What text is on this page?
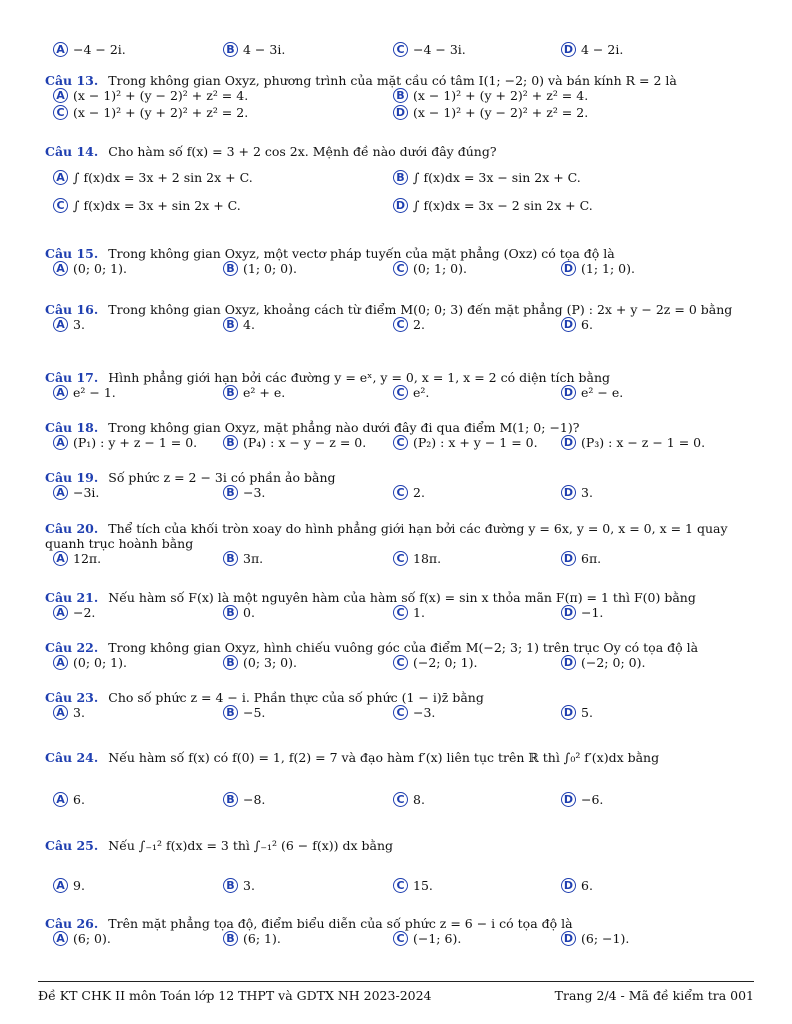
A −4 − 2i.	B 4 − 3i.	C −4 − 3i.	D 4 − 2i.
Câu 13. Trong không gian Oxyz, phương trình của mặt cầu có tâm I(1; −2; 0) và bán kính R = 2 là
A (x − 1)² + (y − 2)² + z² = 4.	B (x − 1)² + (y + 2)² + z² = 4.
C (x − 1)² + (y + 2)² + z² = 2.	D (x − 1)² + (y − 2)² + z² = 2.
Câu 14. Cho hàm số f(x) = 3 + 2 cos 2x. Mệnh đề nào dưới đây đúng?
A ∫ f(x)dx = 3x + 2 sin 2x + C.	B ∫ f(x)dx = 3x − sin 2x + C.
C ∫ f(x)dx = 3x + sin 2x + C.	D ∫ f(x)dx = 3x − 2 sin 2x + C.
Câu 15. Trong không gian Oxyz, một vectơ pháp tuyến của mặt phẳng (Oxz) có tọa độ là
A (0; 0; 1).	B (1; 0; 0).	C (0; 1; 0).	D (1; 1; 0).
Câu 16. Trong không gian Oxyz, khoảng cách từ điểm M(0; 0; 3) đến mặt phẳng (P) : 2x + y − 2z = 0 bằng
A 3.	B 4.	C 2.	D 6.
Câu 17. Hình phẳng giới hạn bởi các đường y = eˣ, y = 0, x = 1, x = 2 có diện tích bằng
A e² − 1.	B e² + e.	C e².	D e² − e.
Câu 18. Trong không gian Oxyz, mặt phẳng nào dưới đây đi qua điểm M(1; 0; −1)?
A (P₁) : y + z − 1 = 0.	B (P₄) : x − y − z = 0.	C (P₂) : x + y − 1 = 0. D (P₃) : x − z − 1 = 0.
Câu 19. Số phức z = 2 − 3i có phần ảo bằng
A −3i.	B −3.	C 2.	D 3.
Câu 20. Thể tích của khối tròn xoay do hình phẳng giới hạn bởi các đường y = 6x, y = 0, x = 0, x = 1 quay quanh trục hoành bằng
A 12π.	B 3π.	C 18π.	D 6π.
Câu 21. Nếu hàm số F(x) là một nguyên hàm của hàm số f(x) = sin x thỏa mãn F(π) = 1 thì F(0) bằng
A −2.	B 0.	C 1.	D −1.
Câu 22. Trong không gian Oxyz, hình chiếu vuông góc của điểm M(−2; 3; 1) trên trục Oy có tọa độ là
A (0; 0; 1).	B (0; 3; 0).	C (−2; 0; 1).	D (−2; 0; 0).
Câu 23. Cho số phức z = 4 − i. Phần thực của số phức (1 − i)z̄ bằng
A 3.	B −5.	C −3.	D 5.
Câu 24. Nếu hàm số f(x) có f(0) = 1, f(2) = 7 và đạo hàm f′(x) liên tục trên ℝ thì ∫₀² f′(x)dx bằng
A 6.	B −8.	C 8.	D −6.
Câu 25. Nếu ∫₋₁² f(x)dx = 3 thì ∫₋₁² (6 − f(x)) dx bằng
A 9.	B 3.	C 15.	D 6.
Câu 26. Trên mặt phẳng tọa độ, điểm biểu diễn của số phức z = 6 − i có tọa độ là
A (6; 0).	B (6; 1).	C (−1; 6).	D (6; −1).
Đề KT CHK II môn Toán lớp 12 THPT và GDTX NH 2023-2024	Trang 2/4 - Mã đề kiểm tra 001
